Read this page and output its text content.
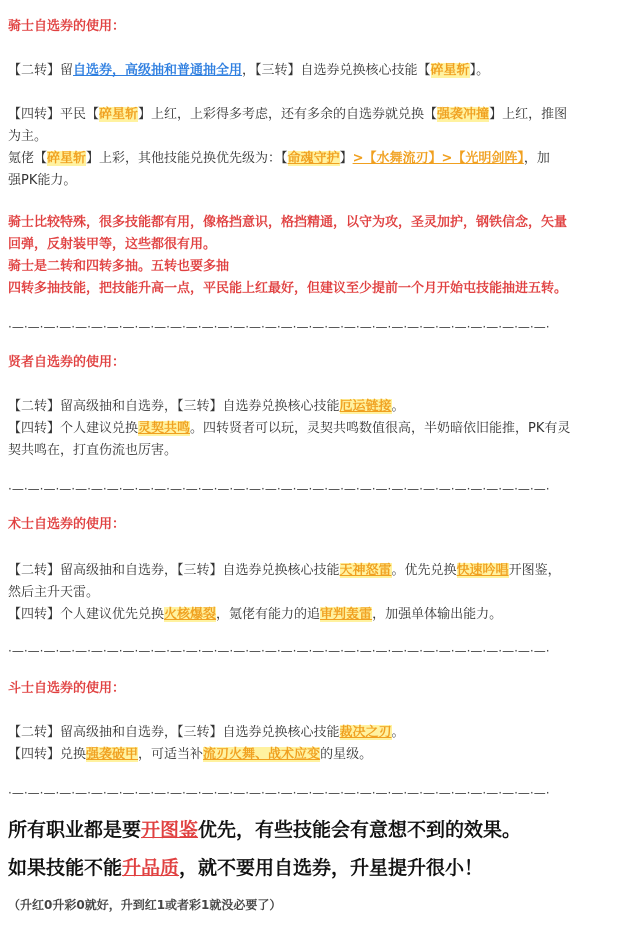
骑士自选券的使用：
【二转】留自选券，高级抽和普通抽全用，【三转】自选券兑换核心技能【碎星斩】。
【四转】平民【碎星斩】上红，上彩得多考虑，还有多余的自选券就兑换【强袭冲撞】上红，推图
为主。
氪佬【碎星斩】上彩，其他技能兑换优先级为：【命魂守护】>【水舞流刃】>【光明剑阵】，加
强PK能力。
骑士比较特殊，很多技能都有用，像格挡意识，格挡精通，以守为攻，圣灵加护，钢铁信念，矢量
回弹，反射装甲等，这些都很有用。
骑士是二转和四转多抽。五转也要多抽
四转多抽技能，把技能升高一点，平民能上红最好，但建议至少提前一个月开始屯技能抽进五转。
·—·—·—·—·—·—·—·—·—·—·—·—·—·—·—·—·—·—·—·—·—·—·—·—·—·—·—·—·—·—·—·—·—·—·
贤者自选券的使用：
【二转】留高级抽和自选券，【三转】自选券兑换核心技能厄运链接。
【四转】个人建议兑换灵契共鸣。四转贤者可以玩，灵契共鸣数值很高，半奶暗依旧能推，PK有灵
契共鸣在，打直伤流也厉害。
·—·—·—·—·—·—·—·—·—·—·—·—·—·—·—·—·—·—·—·—·—·—·—·—·—·—·—·—·—·—·—·—·—·—·
术士自选券的使用：
【二转】留高级抽和自选券，【三转】自选券兑换核心技能天神怒雷。优先兑换快速吟唱开图鉴，
然后主升天雷。
【四转】个人建议优先兑换火核爆裂，氪佬有能力的追审判轰雷，加强单体输出能力。
·—·—·—·—·—·—·—·—·—·—·—·—·—·—·—·—·—·—·—·—·—·—·—·—·—·—·—·—·—·—·—·—·—·—·
斗士自选券的使用：
【二转】留高级抽和自选券，【三转】自选券兑换核心技能裁决之刃。
【四转】兑换强袭破甲，可适当补流刃火舞、战术应变的星级。
·—·—·—·—·—·—·—·—·—·—·—·—·—·—·—·—·—·—·—·—·—·—·—·—·—·—·—·—·—·—·—·—·—·—·
所有职业都是要开图鉴优先，有些技能会有意想不到的效果。
如果技能不能升品质，就不要用自选券，升星提升很小！
（升红0升彩0就好，升到红1或者彩1就没必要了）
